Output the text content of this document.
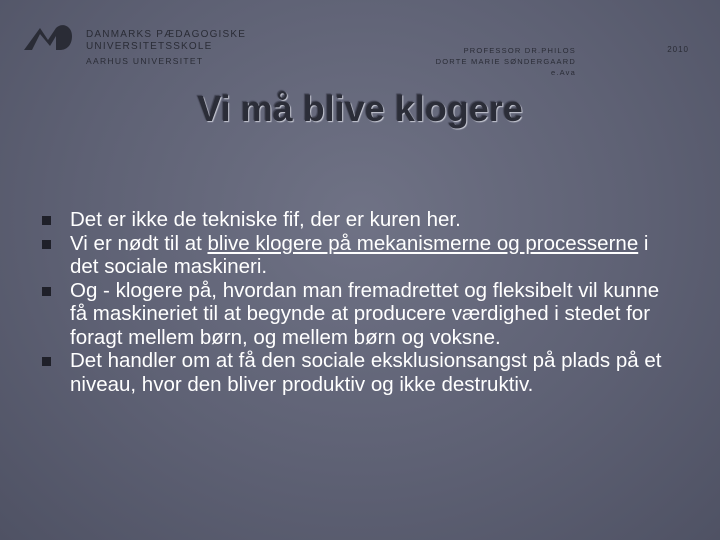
DANMARKS PÆDAGOGISKE
UNIVERSITETSSKOLE
AARHUS UNIVERSITET
PROFESSOR DR.PHILOS
DORTE MARIE SØNDERGAARD
e.Ava
2010
Vi må blive klogere
Det er ikke de tekniske fif, der er kuren her.
Vi er nødt til at blive klogere på mekanismerne og processerne i det sociale maskineri.
Og - klogere på, hvordan man fremadrettet og fleksibelt vil kunne få maskineriet til at begynde at producere værdighed i stedet for foragt mellem børn, og mellem børn og voksne.
Det handler om at få den sociale eksklusionsangst på plads på et niveau, hvor den bliver produktiv og ikke destruktiv.
